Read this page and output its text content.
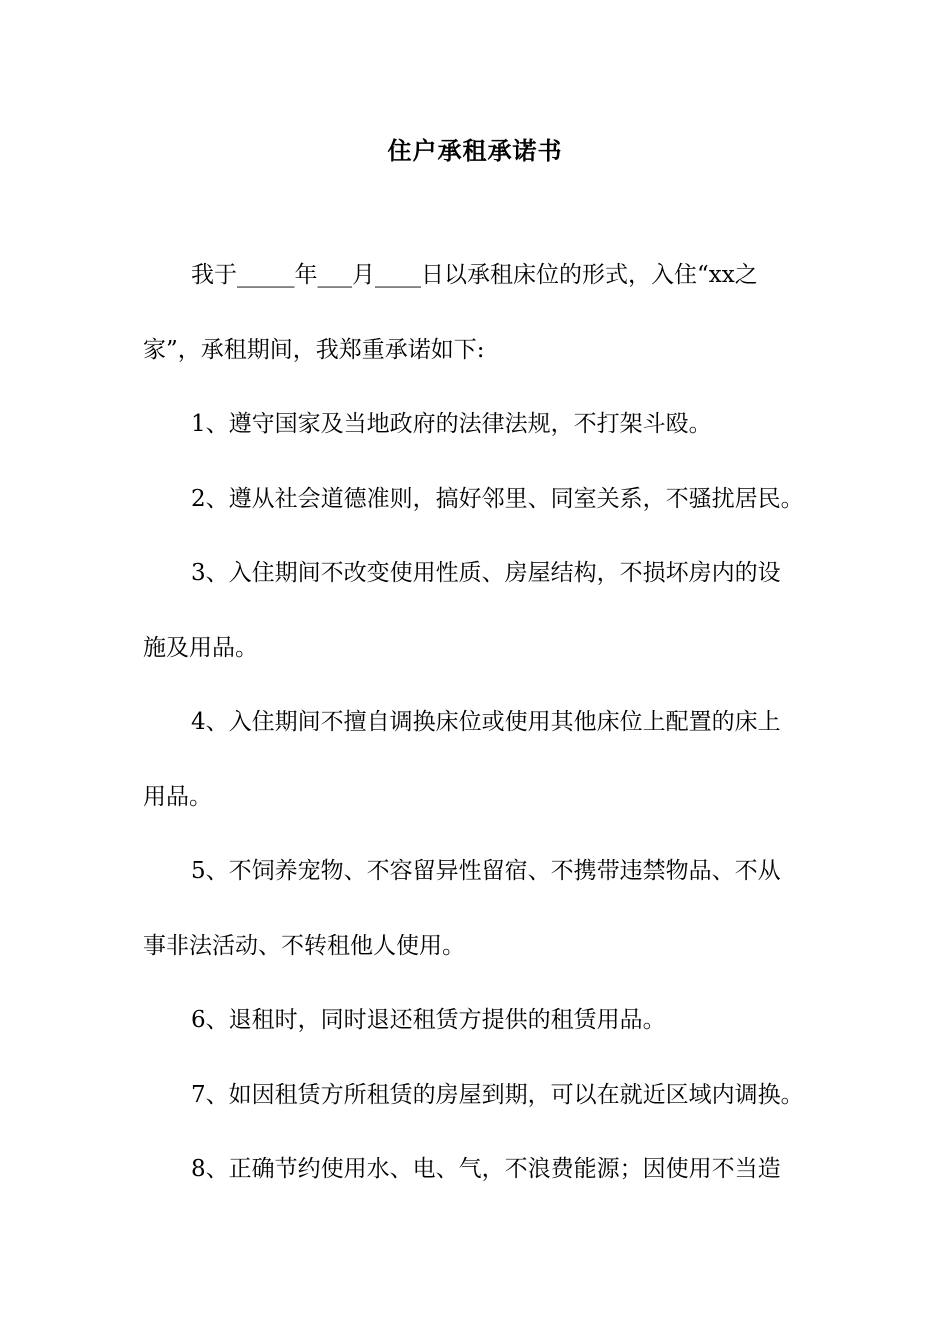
住户承租承诺书
我于_____年___月____日以承租床位的形式，入住“xx之
家”，承租期间，我郑重承诺如下:
1、遵守国家及当地政府的法律法规，不打架斗殴。
2、遵从社会道德准则，搞好邻里、同室关系，不骚扰居民。
3、入住期间不改变使用性质、房屋结构，不损坏房内的设
施及用品。
4、入住期间不擅自调换床位或使用其他床位上配置的床上
用品。
5、不饲养宠物、不容留异性留宿、不携带违禁物品、不从
事非法活动、不转租他人使用。
6、退租时，同时退还租赁方提供的租赁用品。
7、如因租赁方所租赁的房屋到期，可以在就近区域内调换。
8、正确节约使用水、电、气，不浪费能源；因使用不当造
